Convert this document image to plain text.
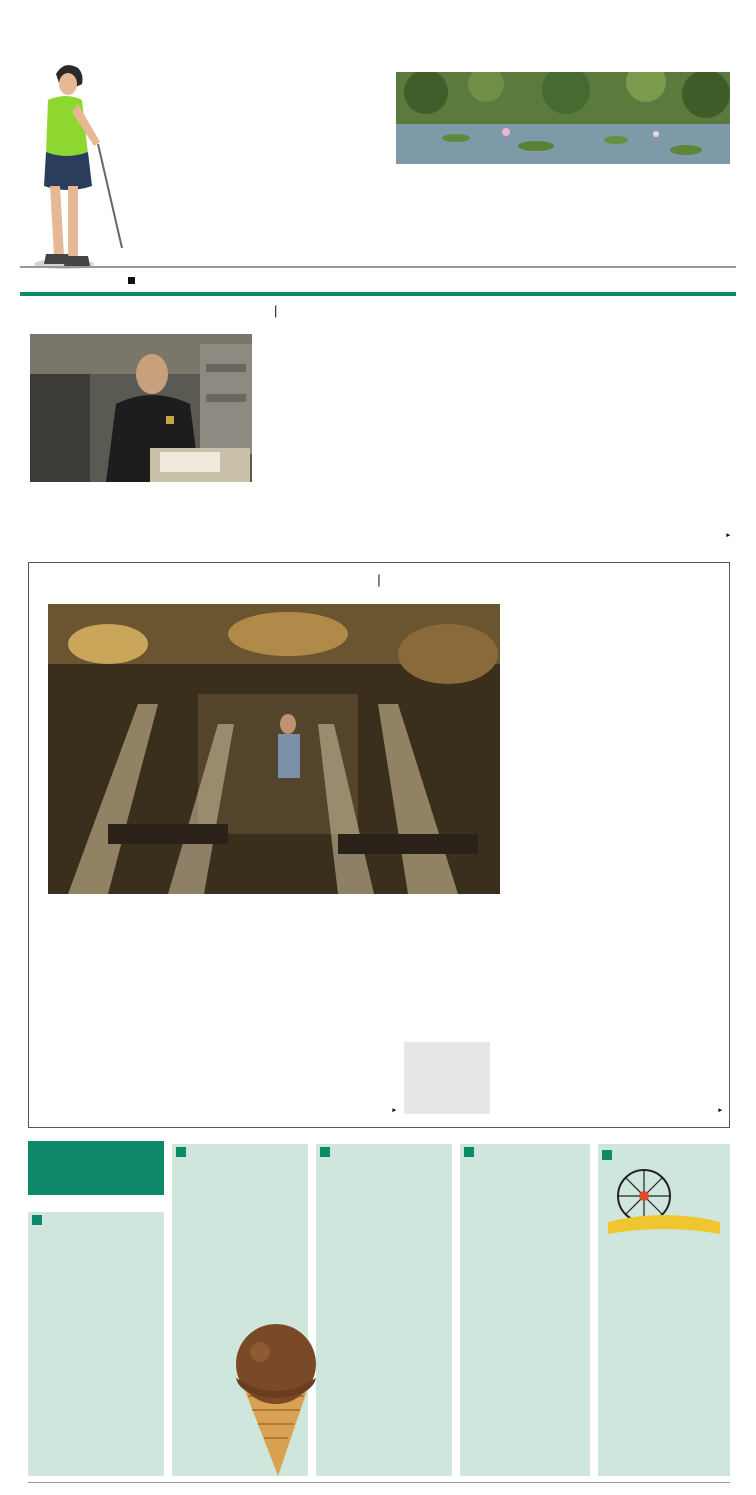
|

▸
|

▸	▸
